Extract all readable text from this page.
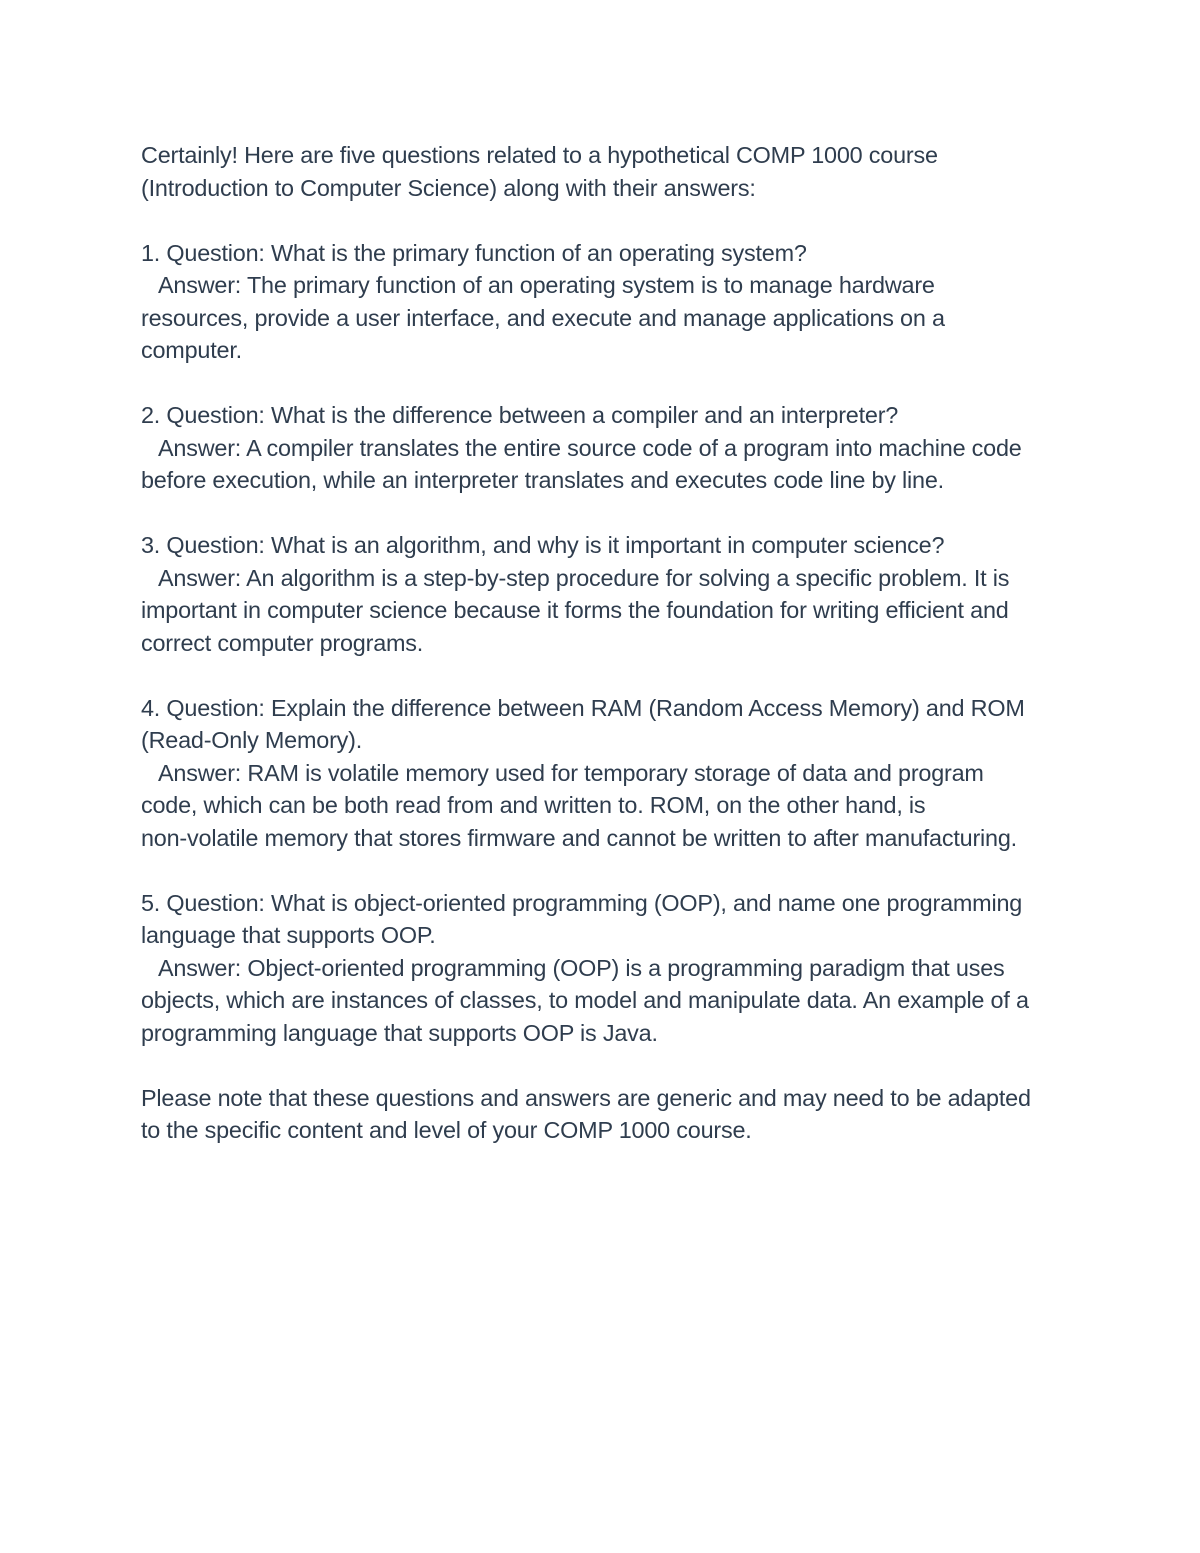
Certainly! Here are five questions related to a hypothetical COMP 1000 course
(Introduction to Computer Science) along with their answers:
1. Question: What is the primary function of an operating system?
Answer: The primary function of an operating system is to manage hardware
resources, provide a user interface, and execute and manage applications on a
computer.
2. Question: What is the difference between a compiler and an interpreter?
Answer: A compiler translates the entire source code of a program into machine code
before execution, while an interpreter translates and executes code line by line.
3. Question: What is an algorithm, and why is it important in computer science?
Answer: An algorithm is a step-by-step procedure for solving a specific problem. It is
important in computer science because it forms the foundation for writing efficient and
correct computer programs.
4. Question: Explain the difference between RAM (Random Access Memory) and ROM
(Read-Only Memory).
Answer: RAM is volatile memory used for temporary storage of data and program
code, which can be both read from and written to. ROM, on the other hand, is
non-volatile memory that stores firmware and cannot be written to after manufacturing.
5. Question: What is object-oriented programming (OOP), and name one programming
language that supports OOP.
Answer: Object-oriented programming (OOP) is a programming paradigm that uses
objects, which are instances of classes, to model and manipulate data. An example of a
programming language that supports OOP is Java.
Please note that these questions and answers are generic and may need to be adapted
to the specific content and level of your COMP 1000 course.
